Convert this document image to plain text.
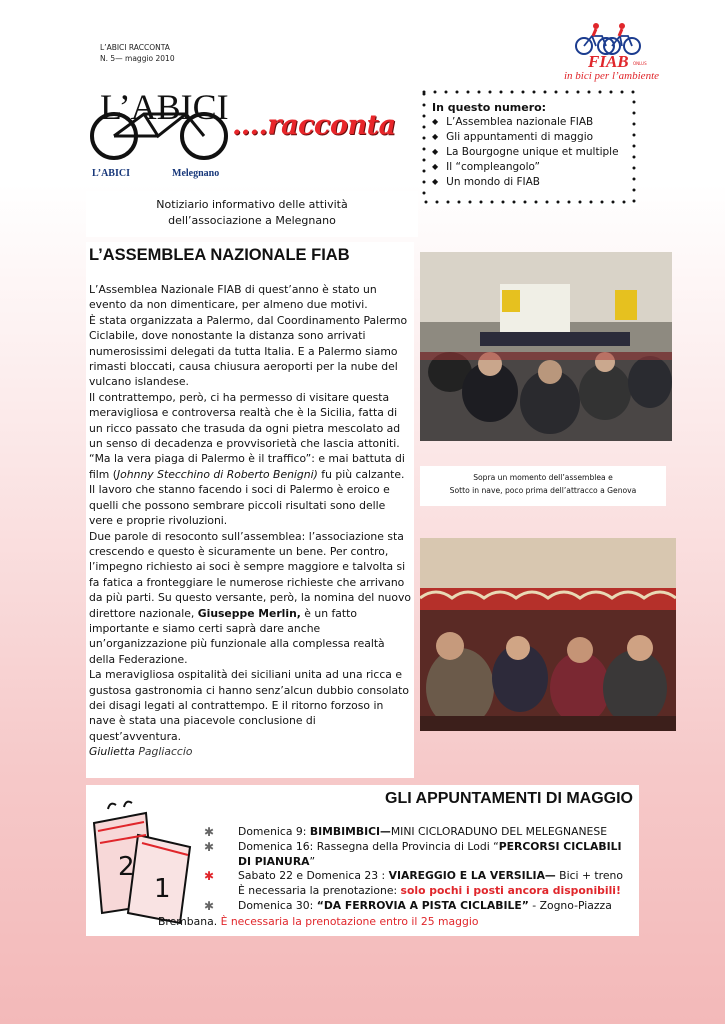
L’ABICI RACCONTA
N. 5— maggio 2010	FIAB ONLUS
in bici per l’ambiente
L’ABICI ….racconta
L’ABICI	Melegnano
In questo numero:
◆ L’Assemblea nazionale FIAB
◆ Gli appuntamenti di maggio
◆ La Bourgogne unique et multiple
◆ Il “compleangolo”
◆ Un mondo di FIAB
Notiziario informativo delle attività
dell’associazione a Melegnano
L’ASSEMBLEA NAZIONALE FIAB

L’Assemblea Nazionale FIAB di quest’anno è stato un evento da non dimenticare, per almeno due motivi.

È stata organizzata a Palermo, dal Coordinamento Palermo Ciclabile, dove nonostante la distanza sono arrivati numerosissimi delegati da tutta Italia. E a Palermo siamo rimasti bloccati, causa chiusura aeroporti per la nube del vulcano islandese.

Il contrattempo, però, ci ha permesso di visitare questa meravigliosa e controversa realtà che è la Sicilia, fatta di un ricco passato che trasuda da ogni pietra mescolato ad un senso di decadenza e provvisorietà che lascia attoniti.

“Ma la vera piaga di Palermo è il traffico”: e mai battuta di film (Johnny Stecchino di Roberto Benigni) fu più calzante.

Il lavoro che stanno facendo i soci di Palermo è eroico e quelli che possono sembrare piccoli risultati sono delle vere e proprie rivoluzioni.

Due parole di resoconto sull’assemblea: l’associazione sta crescendo e questo è sicuramente un bene. Per contro, l’impegno richiesto ai soci è sempre maggiore e talvolta si fa fatica a fronteggiare le numerose richieste che arrivano da più parti. Su questo versante, però, la nomina del nuovo direttore nazionale, Giuseppe Merlin, è un fatto importante e siamo certi saprà dare anche un’organizzazione più funzionale alla complessa realtà della Federazione.

La meravigliosa ospitalità dei siciliani unita ad una ricca e gustosa gastronomia ci hanno senz’alcun dubbio consolato dei disagi legati al contrattempo. E il ritorno forzoso in nave è stata una piacevole conclusione di quest’avventura.

Giulietta Pagliaccio

Sopra un momento dell’assemblea e
Sotto in nave, poco prima dell’attracco a Genova
2
1
GLI APPUNTAMENTI DI MAGGIO
✱ Domenica 9: BIMBIMBICI—MINI CICLORADUNO DEL MELEGNANESE
✱ Domenica 16: Rassegna della Provincia di Lodi “PERCORSI CICLABILI DI PIANURA”
✱ Sabato 22 e Domenica 23 : VIAREGGIO E LA VERSILIA— Bici + treno
È necessaria la prenotazione: solo pochi i posti ancora disponibili!
✱ Domenica 30: “DA FERROVIA A PISTA CICLABILE” - Zogno-Piazza
Brembana. È necessaria la prenotazione entro il 25 maggio
